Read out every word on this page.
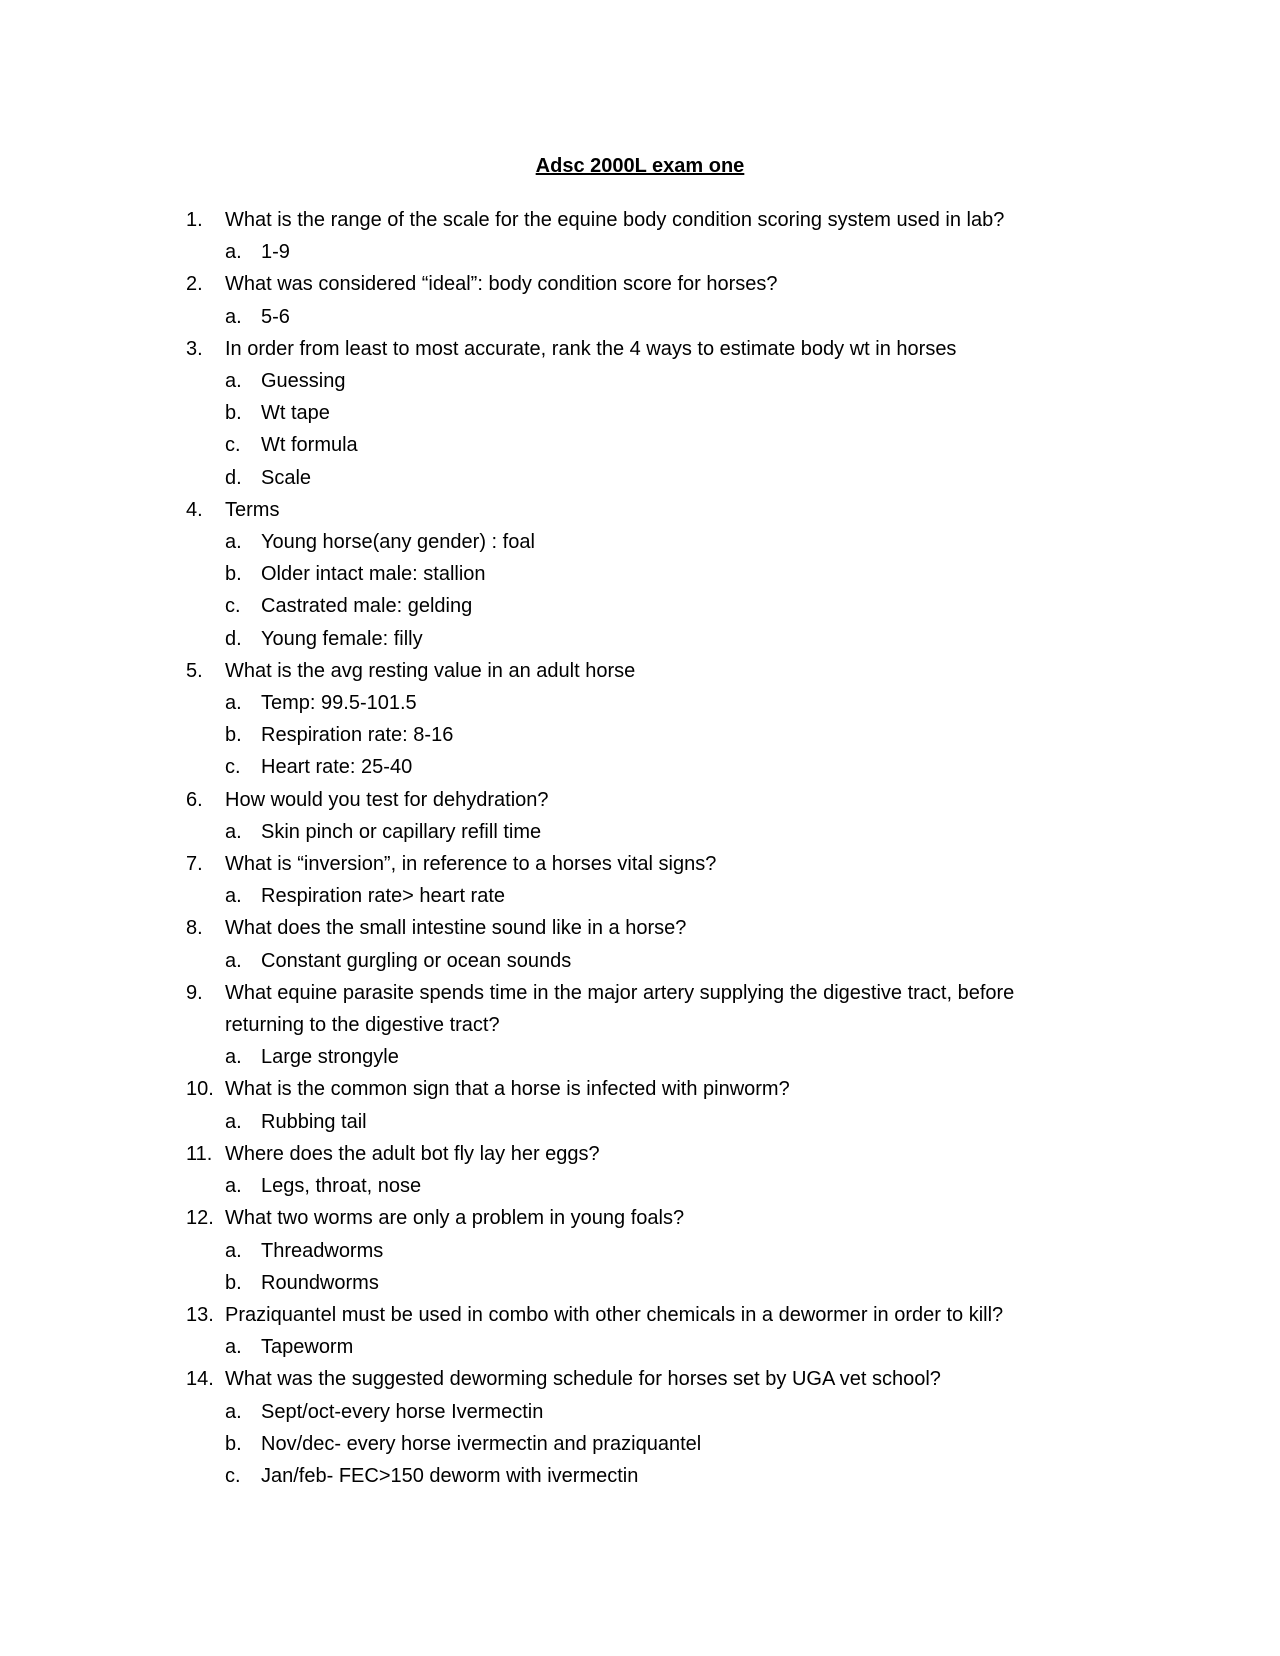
Adsc 2000L exam one
1. What is the range of the scale for the equine body condition scoring system used in lab?
a. 1-9
2. What was considered “ideal”: body condition score for horses?
a. 5-6
3. In order from least to most accurate, rank the 4 ways to estimate body wt in horses
a. Guessing
b. Wt tape
c. Wt formula
d. Scale
4. Terms
a. Young horse(any gender) : foal
b. Older intact male: stallion
c. Castrated male: gelding
d. Young female: filly
5. What is the avg resting value in an adult horse
a. Temp: 99.5-101.5
b. Respiration rate: 8-16
c. Heart rate: 25-40
6. How would you test for dehydration?
a. Skin pinch or capillary refill time
7. What is “inversion”, in reference to a horses vital signs?
a. Respiration rate> heart rate
8. What does the small intestine sound like in a horse?
a. Constant gurgling or ocean sounds
9. What equine parasite spends time in the major artery supplying the digestive tract, before returning to the digestive tract?
a. Large strongyle
10. What is the common sign that a horse is infected with pinworm?
a. Rubbing tail
11. Where does the adult bot fly lay her eggs?
a. Legs, throat, nose
12. What two worms are only a problem in young foals?
a. Threadworms
b. Roundworms
13. Praziquantel must be used in combo with other chemicals in a dewormer in order to kill?
a. Tapeworm
14. What was the suggested deworming schedule for horses set by UGA vet school?
a. Sept/oct-every horse Ivermectin
b. Nov/dec- every horse ivermectin and praziquantel
c. Jan/feb- FEC>150 deworm with ivermectin
